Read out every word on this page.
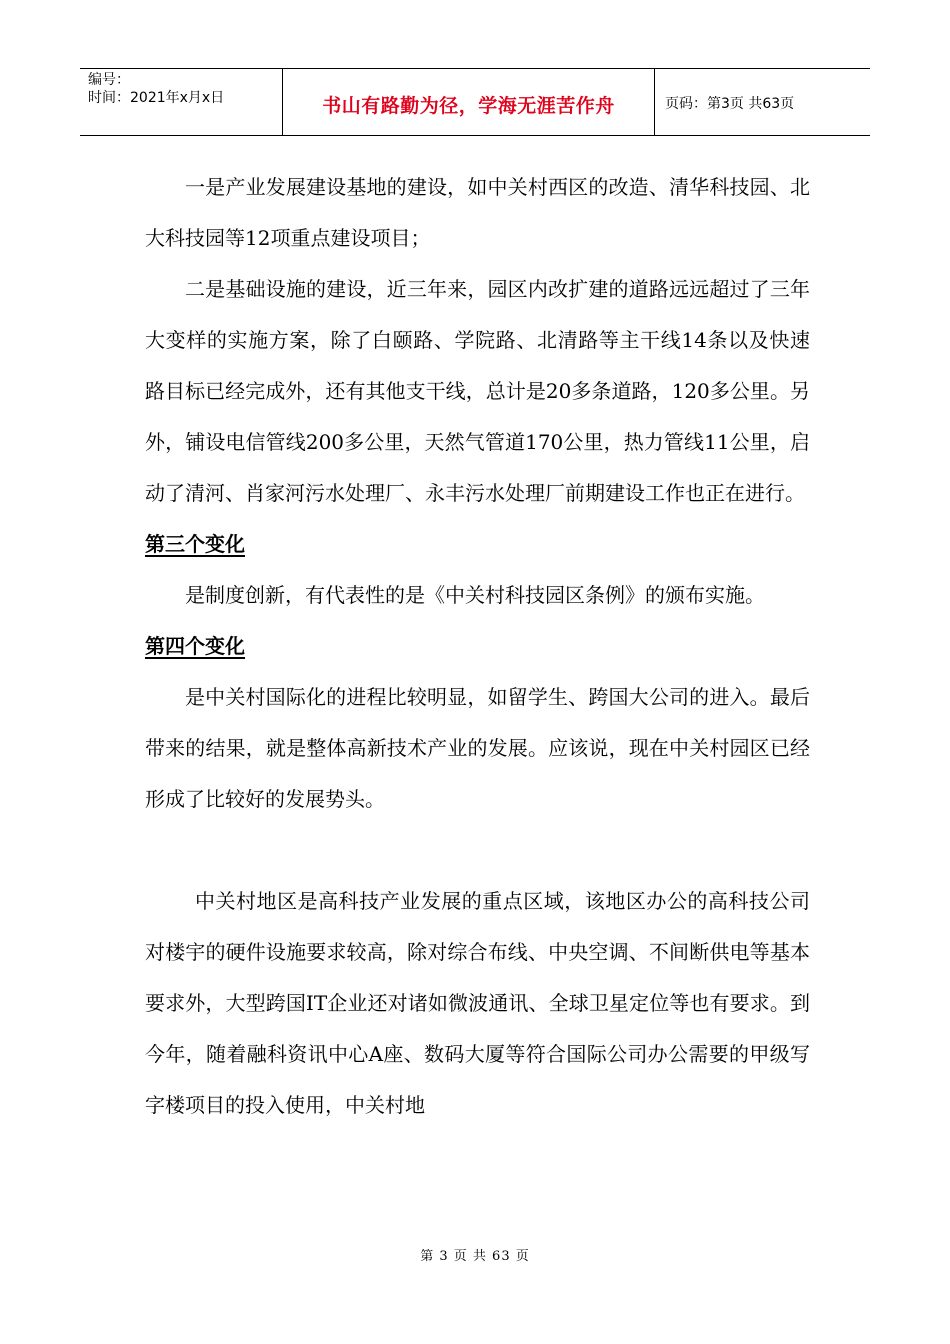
编号：
时间：2021年x月x日	书山有路勤为径，学海无涯苦作舟	页码：第3页 共63页

一是产业发展建设基地的建设，如中关村西区的改造、清华科技园、北大科技园等12项重点建设项目；

二是基础设施的建设，近三年来，园区内改扩建的道路远远超过了三年大变样的实施方案，除了白颐路、学院路、北清路等主干线14条以及快速路目标已经完成外，还有其他支干线，总计是20多条道路，120多公里。另外，铺设电信管线200多公里，天然气管道170公里，热力管线11公里，启动了清河、肖家河污水处理厂、永丰污水处理厂前期建设工作也正在进行。

第三个变化

是制度创新，有代表性的是《中关村科技园区条例》的颁布实施。

第四个变化

是中关村国际化的进程比较明显，如留学生、跨国大公司的进入。最后带来的结果，就是整体高新技术产业的发展。应该说，现在中关村园区已经形成了比较好的发展势头。

中关村地区是高科技产业发展的重点区域，该地区办公的高科技公司对楼宇的硬件设施要求较高，除对综合布线、中央空调、不间断供电等基本要求外，大型跨国IT企业还对诸如微波通讯、全球卫星定位等也有要求。到今年，随着融科资讯中心A座、数码大厦等符合国际公司办公需要的甲级写字楼项目的投入使用，中关村地

第 3 页 共 63 页
